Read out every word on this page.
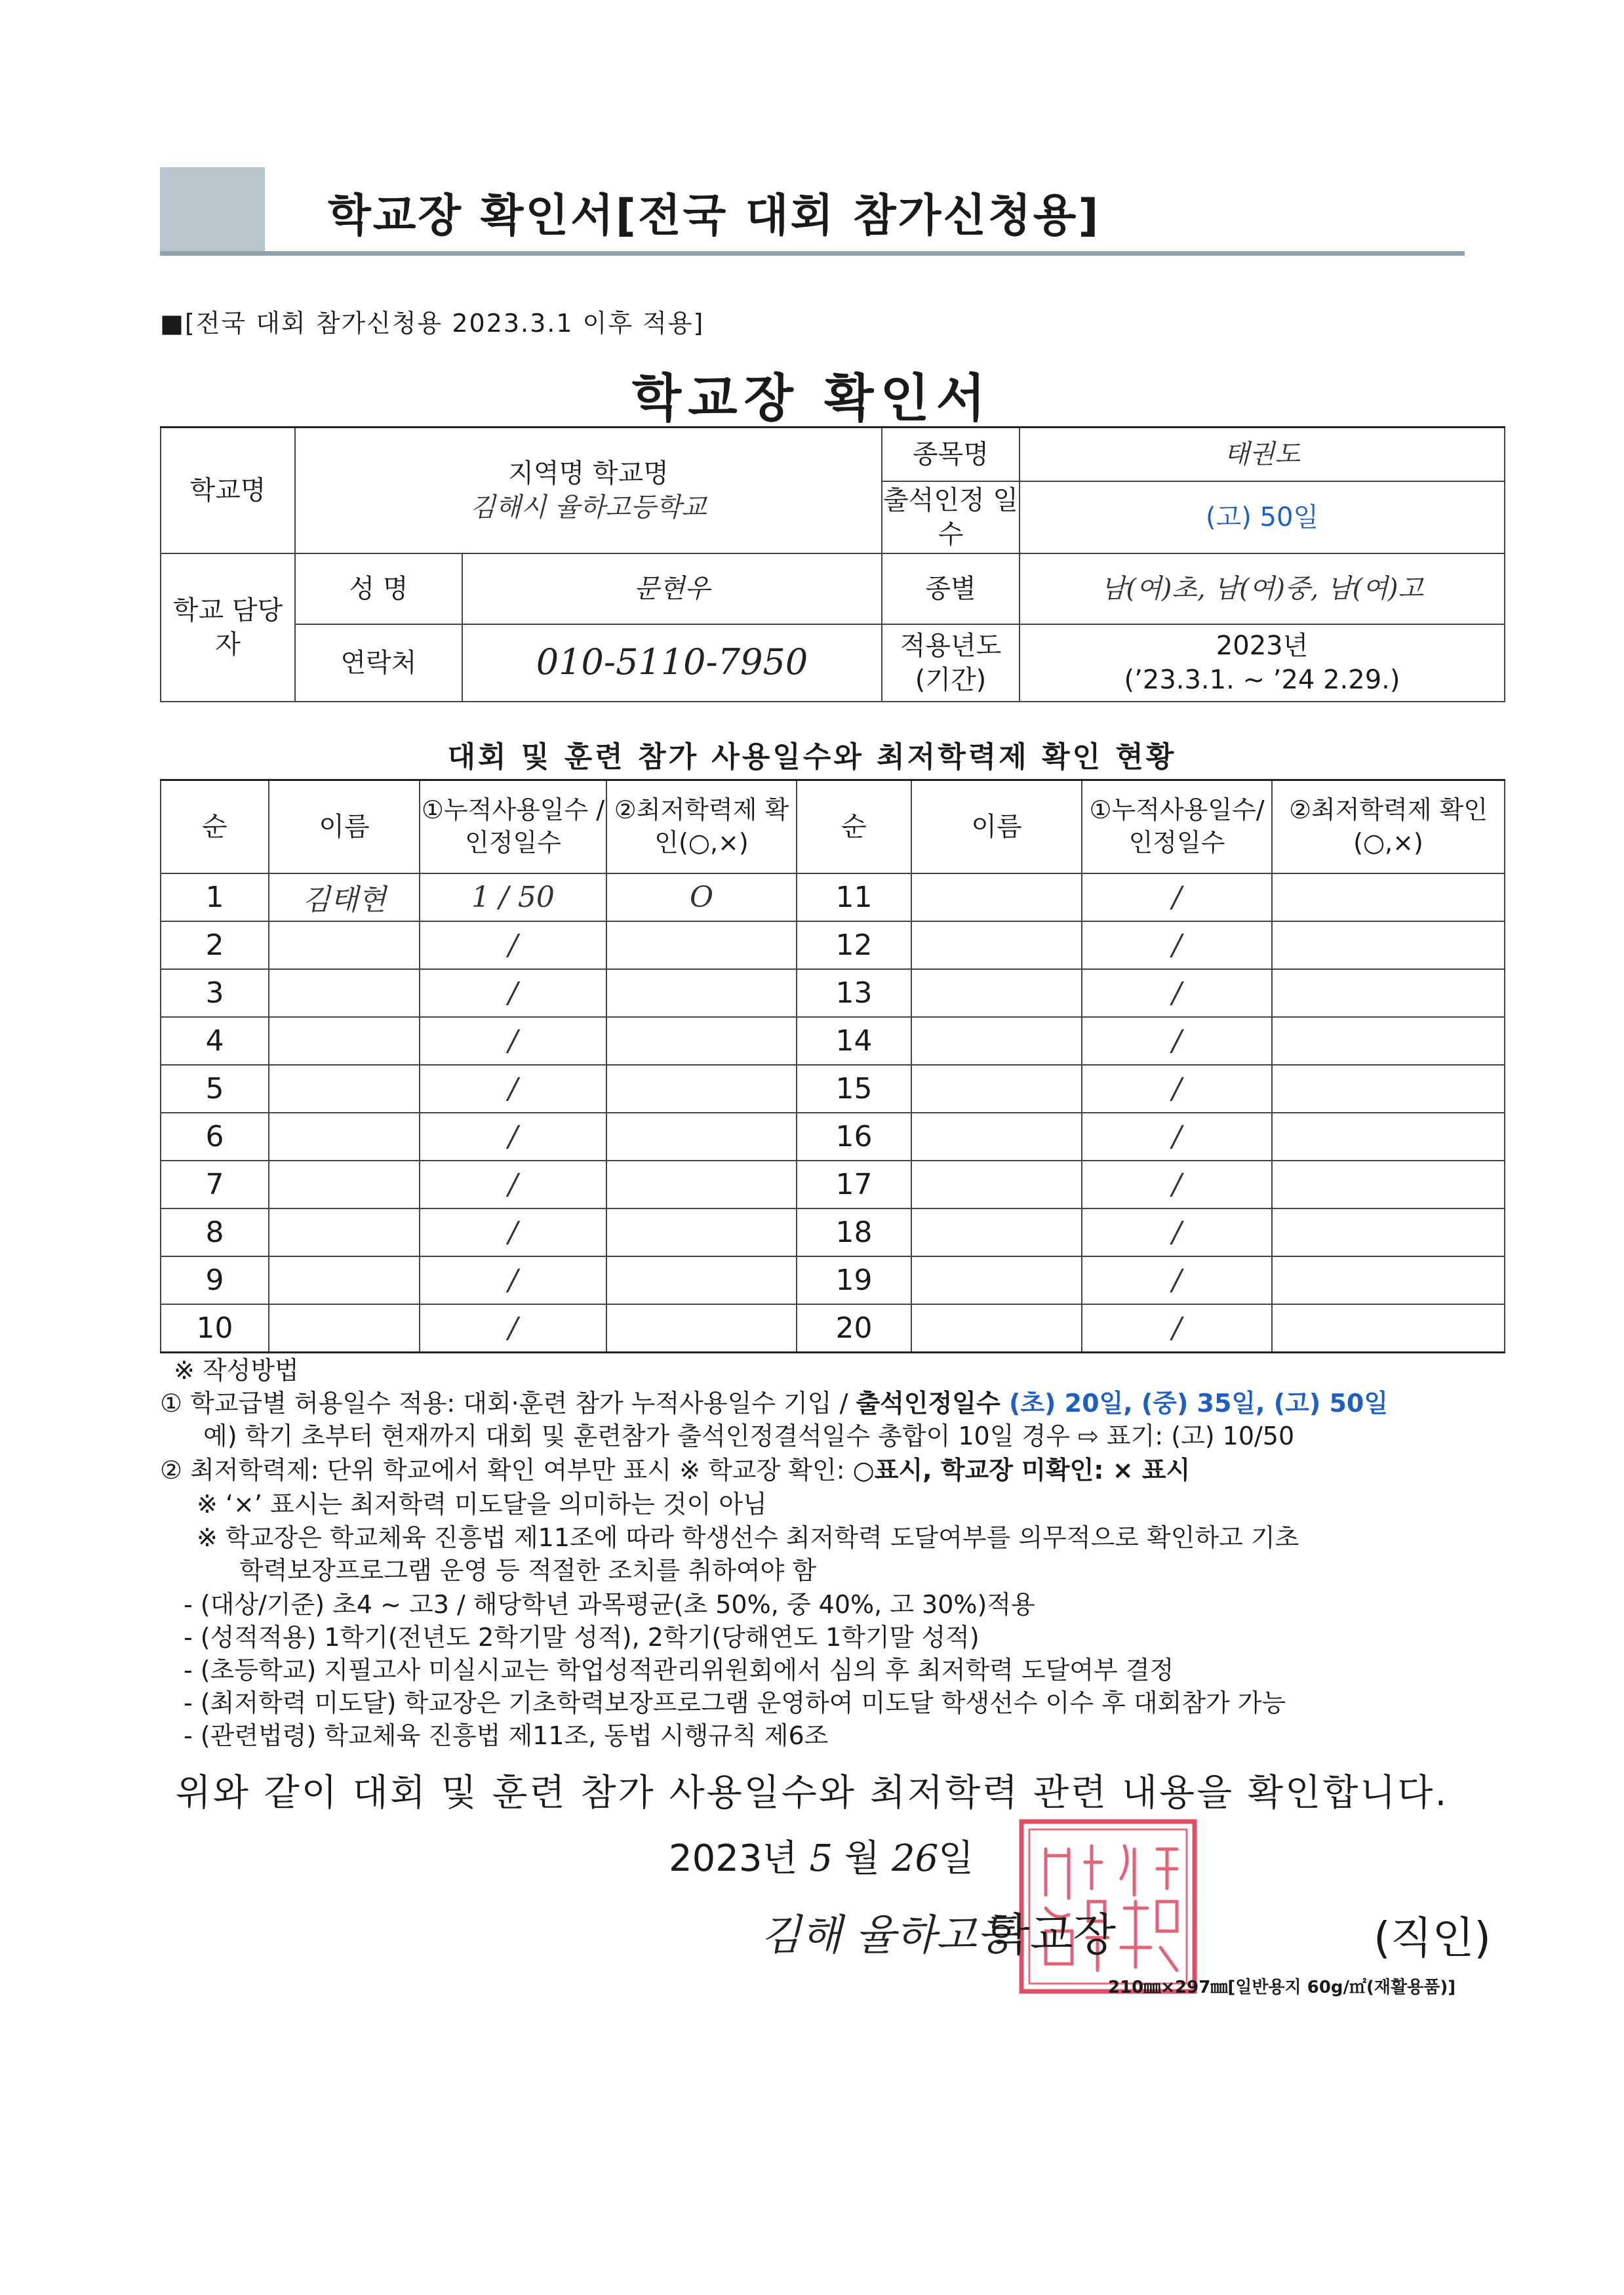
학교장 확인서[전국 대회 참가신청용]
■[전국 대회 참가신청용 2023.3.1 이후 적용]
학교장 확인서
학교명	지역명 학교명
김해시 율하고등학교		종목명	태권도
			출석인정 일수	(고) 50일
학교 담당자	성 명	문현우	종별	남(여)초, 남(여)중, 남(여)고
	연락처	010-5110-7950	적용년도 (기간)	2023년
(’23.3.1. ~ ’24 2.29.)
대회 및 훈련 참가 사용일수와 최저학력제 확인 현황
순	이름	①누적사용일수 /인정일수	②최저학력제 확인(○,×)	순	이름	①누적사용일수/ 인정일수	②최저학력제 확인(○,×)
1	김태현	1 / 50	O	11		/	
2		/		12		/	
3		/		13		/	
4		/		14		/	
5		/		15		/	
6		/		16		/	
7		/		17		/	
8		/		18		/	
9		/		19		/	
10		/		20		/	
※ 작성방법
① 학교급별 허용일수 적용: 대회·훈련 참가 누적사용일수 기입 / 출석인정일수 (초) 20일, (중) 35일, (고) 50일
예) 학기 초부터 현재까지 대회 및 훈련참가 출석인정결석일수 총합이 10일 경우 ⇨ 표기: (고) 10/50
② 최저학력제: 단위 학교에서 확인 여부만 표시 ※ 학교장 확인: ○표시, 학교장 미확인: × 표시
※ ‘×’ 표시는 최저학력 미도달을 의미하는 것이 아님
※ 학교장은 학교체육 진흥법 제11조에 따라 학생선수 최저학력 도달여부를 의무적으로 확인하고 기초
학력보장프로그램 운영 등 적절한 조치를 취하여야 함
- (대상/기준) 초4 ~ 고3 / 해당학년 과목평균(초 50%, 중 40%, 고 30%)적용
- (성적적용) 1학기(전년도 2학기말 성적), 2학기(당해연도 1학기말 성적)
- (초등학교) 지필고사 미실시교는 학업성적관리위원회에서 심의 후 최저학력 도달여부 결정
- (최저학력 미도달) 학교장은 기초학력보장프로그램 운영하여 미도달 학생선수 이수 후 대회참가 가능
- (관련법령) 학교체육 진흥법 제11조, 동법 시행규칙 제6조
위와 같이 대회 및 훈련 참가 사용일수와 최저학력 관련 내용을 확인합니다.
2023년 5 월 26일
김해 율하고등
학교장	(직인)
210㎜×297㎜[일반용지 60g/㎡(재활용품)]
